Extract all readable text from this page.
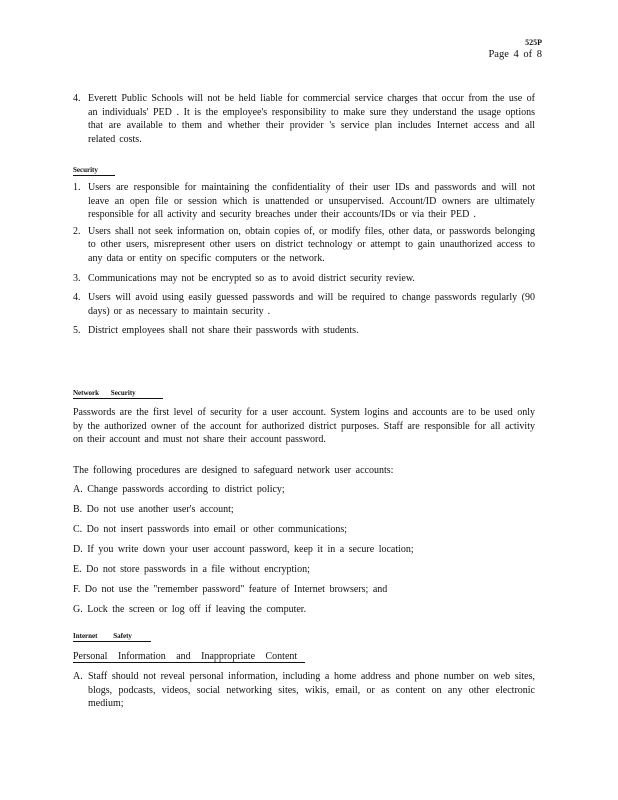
525P
Page 4 of 8
4. Everett Public Schools will not be held liable for commercial service charges that occur from the use of an individuals' PED . It is the employee's responsibility to make sure they understand the usage options that are available to them and whether their provider 's service plan includes Internet access and all related costs.
Security
1. Users are responsible for maintaining the confidentiality of their user IDs and passwords and will not leave an open file or session which is unattended or unsupervised. Account/ID owners are ultimately responsible for all activity and security breaches under their accounts/IDs or via their PED .
2. Users shall not seek information on, obtain copies of, or modify files, other data, or passwords belonging to other users, misrepresent other users on district technology or attempt to gain unauthorized access to any data or entity on specific computers or the network.
3. Communications may not be encrypted so as to avoid district security review.
4. Users will avoid using easily guessed passwords and will be required to change passwords regularly (90 days) or as necessary to maintain security .
5. District employees shall not share their passwords with students.
Network Security
Passwords are the first level of security for a user account. System logins and accounts are to be used only by the authorized owner of the account for authorized district purposes. Staff are responsible for all activity on their account and must not share their account password.
The following procedures are designed to safeguard network user accounts:
A. Change passwords according to district policy;
B. Do not use another user's account;
C. Do not insert passwords into email or other communications;
D. If you write down your user account password, keep it in a secure location;
E. Do not store passwords in a file without encryption;
F. Do not use the "remember password" feature of Internet browsers; and
G. Lock the screen or log off if leaving the computer.
Internet Safety
Personal Information and Inappropriate Content
A. Staff should not reveal personal information, including a home address and phone number on web sites, blogs, podcasts, videos, social networking sites, wikis, email, or as content on any other electronic medium;
